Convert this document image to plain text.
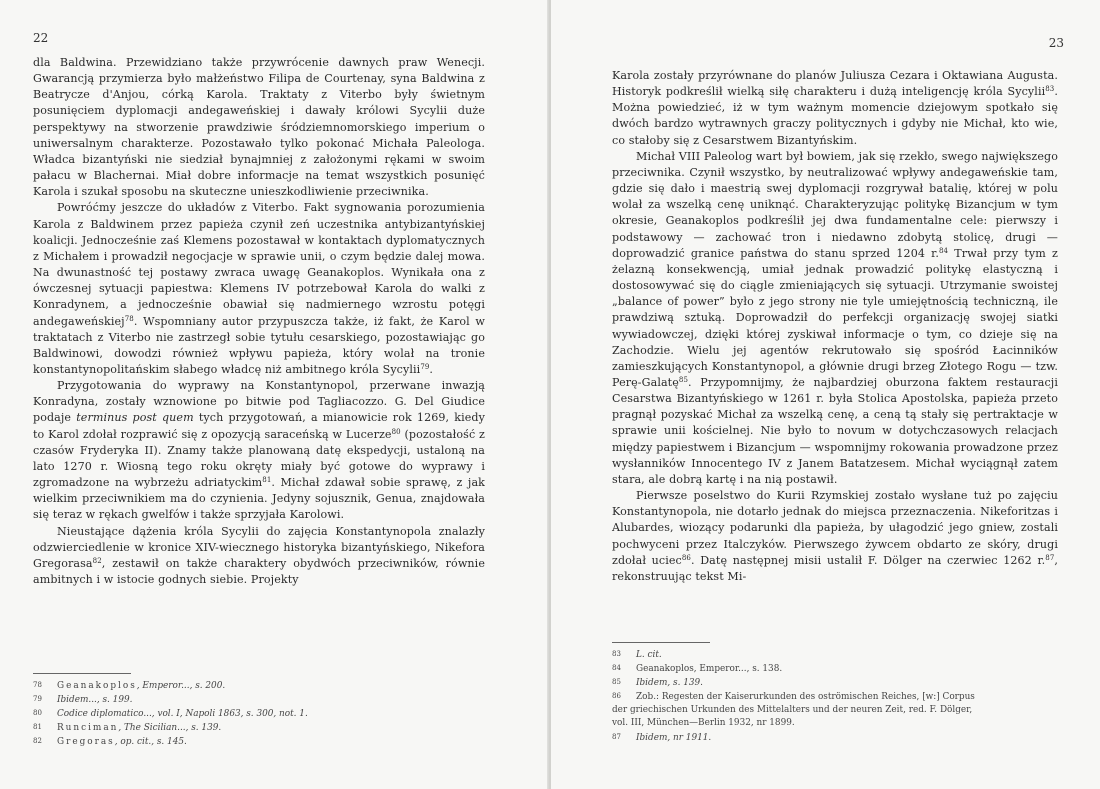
22

dla Baldwina. Przewidziano także przywrócenie dawnych praw Wenecji. Gwarancją przymierza było małżeństwo Filipa de Courtenay, syna Baldwina z Beatrycze d'Anjou, córką Karola. Traktaty z Viterbo były świetnym posunięciem dyplomacji andegaweńskiej i dawały królowi Sycylii duże perspektywy na stworzenie prawdziwie śródziemnomorskiego imperium o uniwersalnym charakterze. Pozostawało tylko pokonać Michała Paleologa. Władca bizantyński nie siedział bynajmniej z założonymi rękami w swoim pałacu w Blachernai. Miał dobre informacje na temat wszystkich posunięć Karola i szukał sposobu na skuteczne unieszkodliwienie przeciwnika.

Powróćmy jeszcze do układów z Viterbo. Fakt sygnowania porozumienia Karola z Baldwinem przez papieża czynił zeń uczestnika antybizantyńskiej koalicji. Jednocześnie zaś Klemens pozostawał w kontaktach dyplomatycznych z Michałem i prowadził negocjacje w sprawie unii, o czym będzie dalej mowa. Na dwunastność tej postawy zwraca uwagę Geanakoplos. Wynikała ona z ówczesnej sytuacji papiestwa: Klemens IV potrzebował Karola do walki z Konradynem, a jednocześnie obawiał się nadmiernego wzrostu potęgi andegaweńskiej$^{78}$. Wspomniany autor przypuszcza także, iż fakt, że Karol w traktatach z Viterbo nie zastrzegł sobie tytułu cesarskiego, pozostawiając go Baldwinowi, dowodzi również wpływu papieża, który wolał na tronie konstantynopolitańskim słabego władcę niż ambitnego króla Sycylii$^{79}$.

Przygotowania do wyprawy na Konstantynopol, przerwane inwazją Konradyna, zostały wznowione po bitwie pod Tagliacozzo. G. Del Giudice podaje terminus post quem tych przygotowań, a mianowicie rok 1269, kiedy to Karol zdołał rozprawić się z opozycją saraceńską w Lucerze$^{80}$ (pozostałość z czasów Fryderyka II). Znamy także planowaną datę ekspedycji, ustaloną na lato 1270 r. Wiosną tego roku okręty miały być gotowe do wyprawy i zgromadzone na wybrzeżu adriatyckim$^{81}$. Michał zdawał sobie sprawę, z jak wielkim przeciwnikiem ma do czynienia. Jedyny sojusznik, Genua, znajdowała się teraz w rękach gwelfów i także sprzyjała Karolowi.

Nieustające dążenia króla Sycylii do zajęcia Konstantynopola znalazły odzwierciedlenie w kronice XIV-wiecznego historyka bizantyńskiego, Nikefora Gregorasa$^{82}$, zestawił on także charaktery obydwóch przeciwników, równie ambitnych i w istocie godnych siebie. Projekty

78 Geanakoplos, Emperor..., s. 200.
79 Ibidem..., s. 199.
80 Codice diplomatico..., vol. I, Napoli 1863, s. 300, not. 1.
81 Runciman, The Sicilian..., s. 139.
82 Gregoras, op. cit., s. 145.
23

Karola zostały przyrównane do planów Juliusza Cezara i Oktawiana Augusta. Historyk podkreślił wielką siłę charakteru i dużą inteligencję króla Sycylii$^{83}$. Można powiedzieć, iż w tym ważnym momencie dziejowym spotkało się dwóch bardzo wytrawnych graczy politycznych i gdyby nie Michał, kto wie, co stałoby się z Cesarstwem Bizantyńskim.

Michał VIII Paleolog wart był bowiem, jak się rzekło, swego największego przeciwnika. Czynił wszystko, by neutralizować wpływy andegaweńskie tam, gdzie się dało i maestrią swej dyplomacji rozgrywał batalię, której w polu wolał za wszelką cenę uniknąć. Charakteryzując politykę Bizancjum w tym okresie, Geanakoplos podkreślił jej dwa fundamentalne cele: pierwszy i podstawowy — zachować tron i niedawno zdobytą stolicę, drugi — doprowadzić granice państwa do stanu sprzed 1204 r.$^{84}$ Trwał przy tym z żelazną konsekwencją, umiał jednak prowadzić politykę elastyczną i dostosowywać się do ciągle zmieniających się sytuacji. Utrzymanie swoistej „balance of power” było z jego strony nie tyle umiejętnością techniczną, ile prawdziwą sztuką. Doprowadził do perfekcji organizację swojej siatki wywiadowczej, dzięki której zyskiwał informacje o tym, co dzieje się na Zachodzie. Wielu jej agentów rekrutowało się spośród Łacinników zamieszkujących Konstantynopol, a głównie drugi brzeg Złotego Rogu — tzw. Perę-Galatę$^{85}$. Przypomnijmy, że najbardziej oburzona faktem restauracji Cesarstwa Bizantyńskiego w 1261 r. była Stolica Apostolska, papieża przeto pragnął pozyskać Michał za wszelką cenę, a ceną tą stały się pertraktacje w sprawie unii kościelnej. Nie było to novum w dotychczasowych relacjach między papiestwem i Bizancjum — wspomnijmy rokowania prowadzone przez wysłanników Innocentego IV z Janem Batatzesem. Michał wyciągnął zatem stara, ale dobrą kartę i na nią postawił.

Pierwsze poselstwo do Kurii Rzymskiej zostało wysłane tuż po zajęciu Konstantynopola, nie dotarło jednak do miejsca przeznaczenia. Nikeforitzas i Alubardes, wiozący podarunki dla papieża, by ułagodzić jego gniew, zostali pochwyceni przez Italczyków. Pierwszego żywcem obdarto ze skóry, drugi zdołał uciec$^{86}$. Datę następnej misii ustalił F. Dölger na czerwiec 1262 r.$^{87}$, rekonstruując tekst Mi-

83 L. cit.
84 Geanakoplos, Emperor..., s. 138.
85 Ibidem, s. 139.
86 Zob.: Regesten der Kaiserurkunden des oströmischen Reiches, [w:] Corpus
der griechischen Urkunden des Mittelalters und der neuren Zeit, red. F. Dölger,
vol. III, München—Berlin 1932, nr 1899.
87 Ibidem, nr 1911.
